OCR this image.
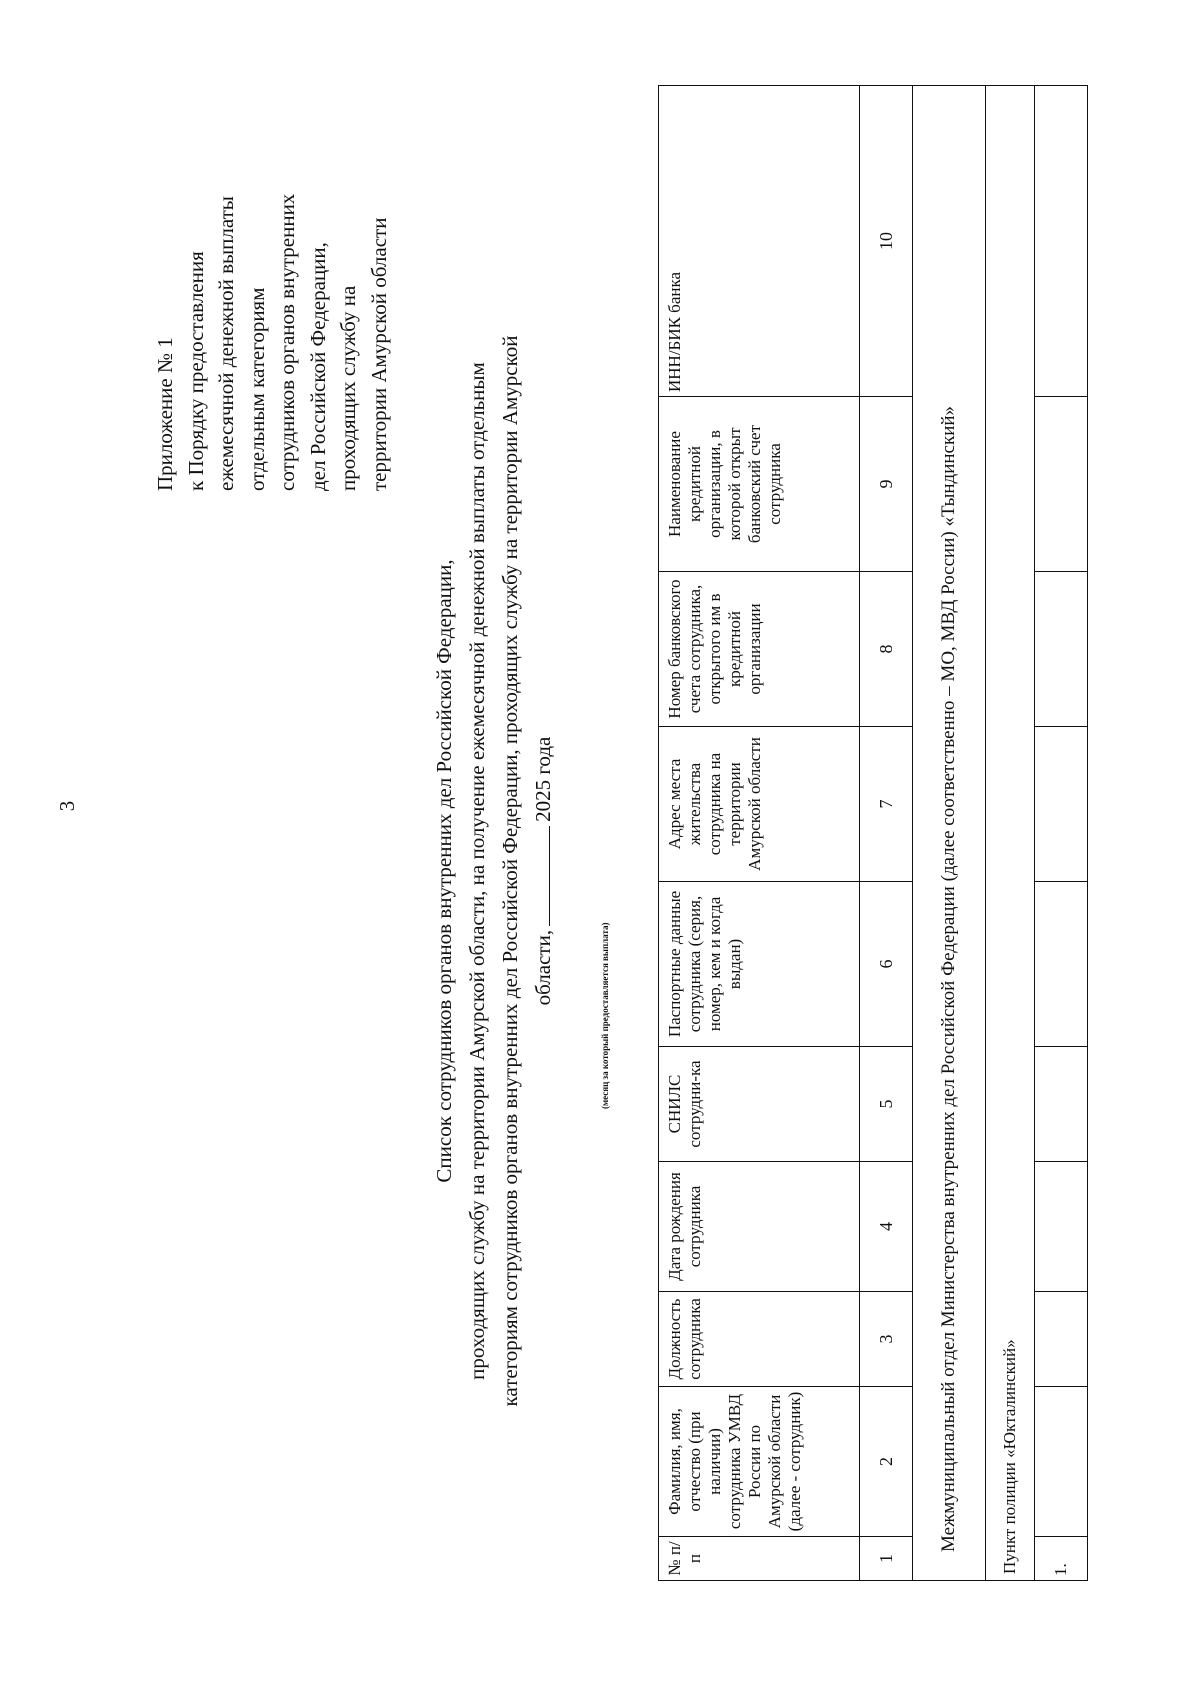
3
Приложение № 1 к Порядку предоставления ежемесячной денежной выплаты отдельным категориям сотрудников органов внутренних дел Российской Федерации, проходящих службу на территории Амурской области
Список сотрудников органов внутренних дел Российской Федерации, проходящих службу на территории Амурской области, на получение ежемесячной денежной выплаты отдельным категориям сотрудников органов внутренних дел Российской Федерации, проходящих службу на территории Амурской области,2025 года
(месяц за который предоставляется выплата)
№ п/п	Фамилия, имя, отчество (при наличии) сотрудника УМВД России по Амурской области (далее - сотрудник)	Должность сотрудника	Дата рождения сотрудника	СНИЛС сотрудни-ка	Паспортные данные сотрудника (серия, номер, кем и когда выдан)	Адрес места жительства сотрудника на территории Амурской области	Номер банковского счета сотрудника, открытого им в кредитной организации	Наименование кредитной организации, в которой открыт банковский счет сотрудника	ИНН/БИК банка
1	2	3	4	5	6	7	8	9	10
Межмуниципальный отдел Министерства внутренних дел Российской Федерации (далее соответственно – МО, МВД России) «Тындинский»									
Пункт полиции «Юкталинский»									
1.									
